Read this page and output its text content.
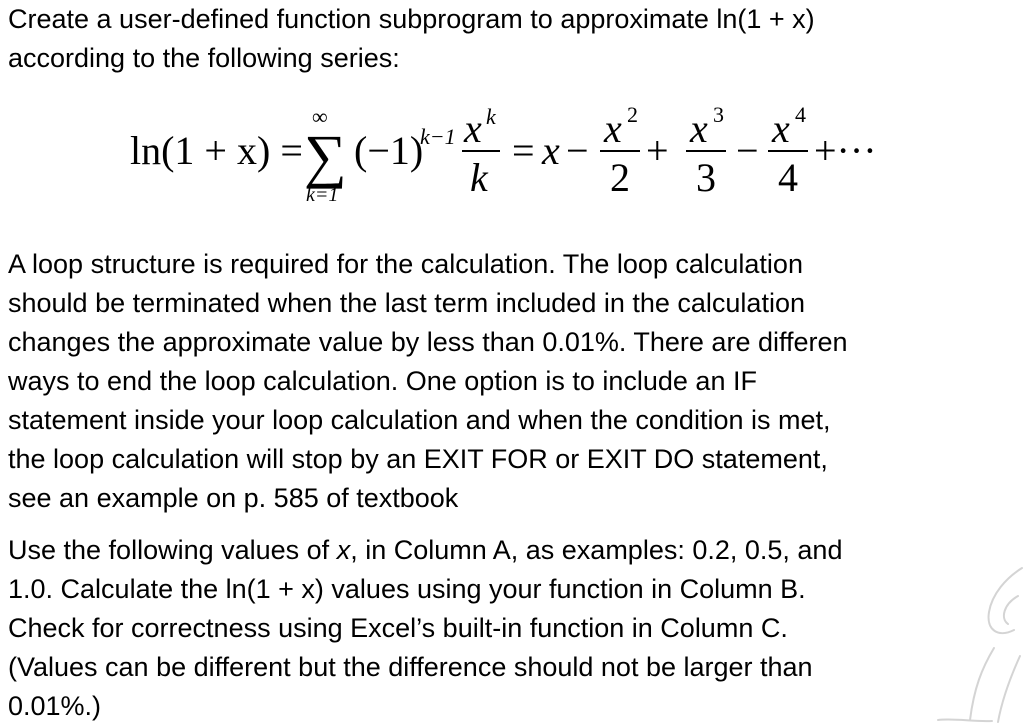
Create a user-defined function subprogram to approximate ln(1 + x)
according to the following series:
ln(1 + x) =
∞
∑
k=1
(−1)
k−1 x k
k
= x − x 2
2
+ x 3
3
− x 4
4
+···
A loop structure is required for the calculation. The loop calculation
should be terminated when the last term included in the calculation
changes the approximate value by less than 0.01%. There are differen
ways to end the loop calculation. One option is to include an IF
statement inside your loop calculation and when the condition is met,
the loop calculation will stop by an EXIT FOR or EXIT DO statement,
see an example on p. 585 of textbook
Use the following values of x, in Column A, as examples: 0.2, 0.5, and
1.0. Calculate the ln(1 + x) values using your function in Column B.
Check for correctness using Excel’s built-in function in Column C.
(Values can be different but the difference should not be larger than
0.01%.)
